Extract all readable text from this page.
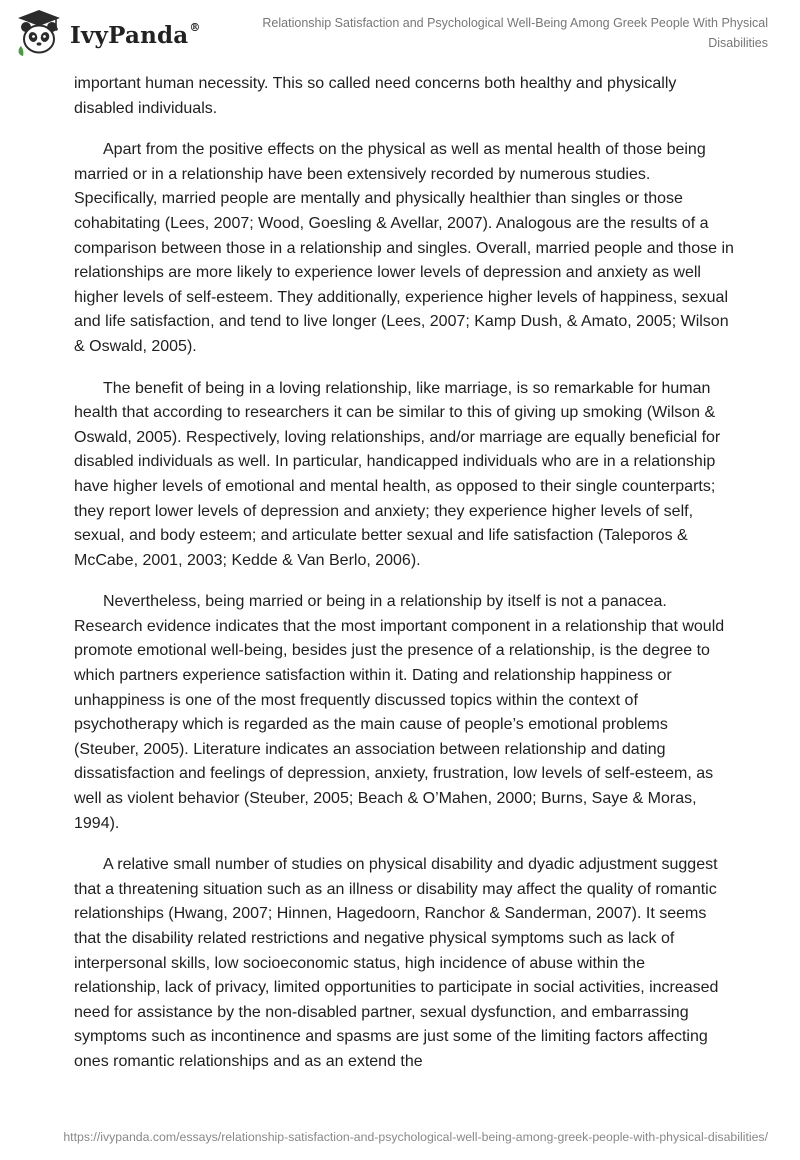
IvyPanda®	Relationship Satisfaction and Psychological Well-Being Among Greek People With Physical Disabilities

important human necessity. This so called need concerns both healthy and physically disabled individuals.

Apart from the positive effects on the physical as well as mental health of those being married or in a relationship have been extensively recorded by numerous studies. Specifically, married people are mentally and physically healthier than singles or those cohabitating (Lees, 2007; Wood, Goesling & Avellar, 2007). Analogous are the results of a comparison between those in a relationship and singles. Overall, married people and those in relationships are more likely to experience lower levels of depression and anxiety as well higher levels of self-esteem. They additionally, experience higher levels of happiness, sexual and life satisfaction, and tend to live longer (Lees, 2007; Kamp Dush, & Amato, 2005; Wilson & Oswald, 2005).

The benefit of being in a loving relationship, like marriage, is so remarkable for human health that according to researchers it can be similar to this of giving up smoking (Wilson & Oswald, 2005). Respectively, loving relationships, and/or marriage are equally beneficial for disabled individuals as well. In particular, handicapped individuals who are in a relationship have higher levels of emotional and mental health, as opposed to their single counterparts; they report lower levels of depression and anxiety; they experience higher levels of self, sexual, and body esteem; and articulate better sexual and life satisfaction (Taleporos & McCabe, 2001, 2003; Kedde & Van Berlo, 2006).

Nevertheless, being married or being in a relationship by itself is not a panacea. Research evidence indicates that the most important component in a relationship that would promote emotional well-being, besides just the presence of a relationship, is the degree to which partners experience satisfaction within it. Dating and relationship happiness or unhappiness is one of the most frequently discussed topics within the context of psychotherapy which is regarded as the main cause of people’s emotional problems (Steuber, 2005). Literature indicates an association between relationship and dating dissatisfaction and feelings of depression, anxiety, frustration, low levels of self-esteem, as well as violent behavior (Steuber, 2005; Beach & O’Mahen, 2000; Burns, Saye & Moras, 1994).

A relative small number of studies on physical disability and dyadic adjustment suggest that a threatening situation such as an illness or disability may affect the quality of romantic relationships (Hwang, 2007; Hinnen, Hagedoorn, Ranchor & Sanderman, 2007). It seems that the disability related restrictions and negative physical symptoms such as lack of interpersonal skills, low socioeconomic status, high incidence of abuse within the relationship, lack of privacy, limited opportunities to participate in social activities, increased need for assistance by the non-disabled partner, sexual dysfunction, and embarrassing symptoms such as incontinence and spasms are just some of the limiting factors affecting ones romantic relationships and as an extend the

https://ivypanda.com/essays/relationship-satisfaction-and-psychological-well-being-among-greek-people-with-physical-disabilities/
